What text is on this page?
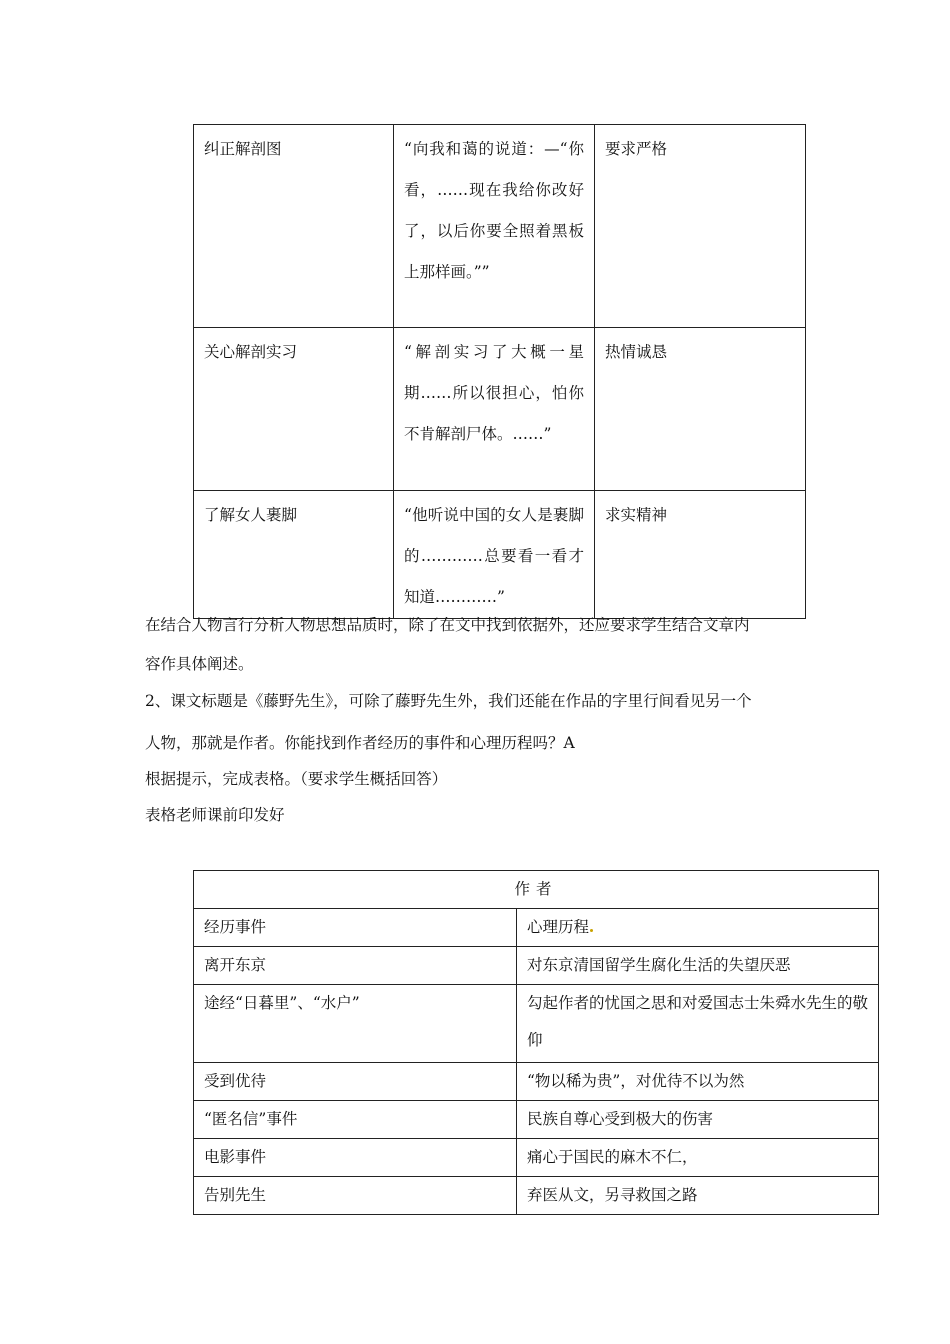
纠正解剖图	“向我和蔼的说道：—“你看，……现在我给你改好了，以后你要全照着黑板上那样画。””	要求严格
关心解剖实习	“解剖实习了大概一星期……所以很担心，怕你不肯解剖尸体。……”	热情诚恳
了解女人裹脚	“他听说中国的女人是裹脚的…………总要看一看才知道…………”	求实精神
在结合人物言行分析人物思想品质时，除了在文中找到依据外，还应要求学生结合文章内
容作具体阐述。
2、课文标题是《藤野先生》，可除了藤野先生外，我们还能在作品的字里行间看见另一个
人物，那就是作者。你能找到作者经历的事件和心理历程吗？A
根据提示，完成表格。（要求学生概括回答）
表格老师课前印发好
作者	
经历事件	心理历程
离开东京	对东京清国留学生腐化生活的失望厌恶
途经“日暮里”、“水户”	勾起作者的忧国之思和对爱国志士朱舜水先生的敬仰
受到优待	“物以稀为贵”，对优待不以为然
“匿名信”事件	民族自尊心受到极大的伤害
电影事件	痛心于国民的麻木不仁，
告别先生	弃医从文，另寻救国之路
